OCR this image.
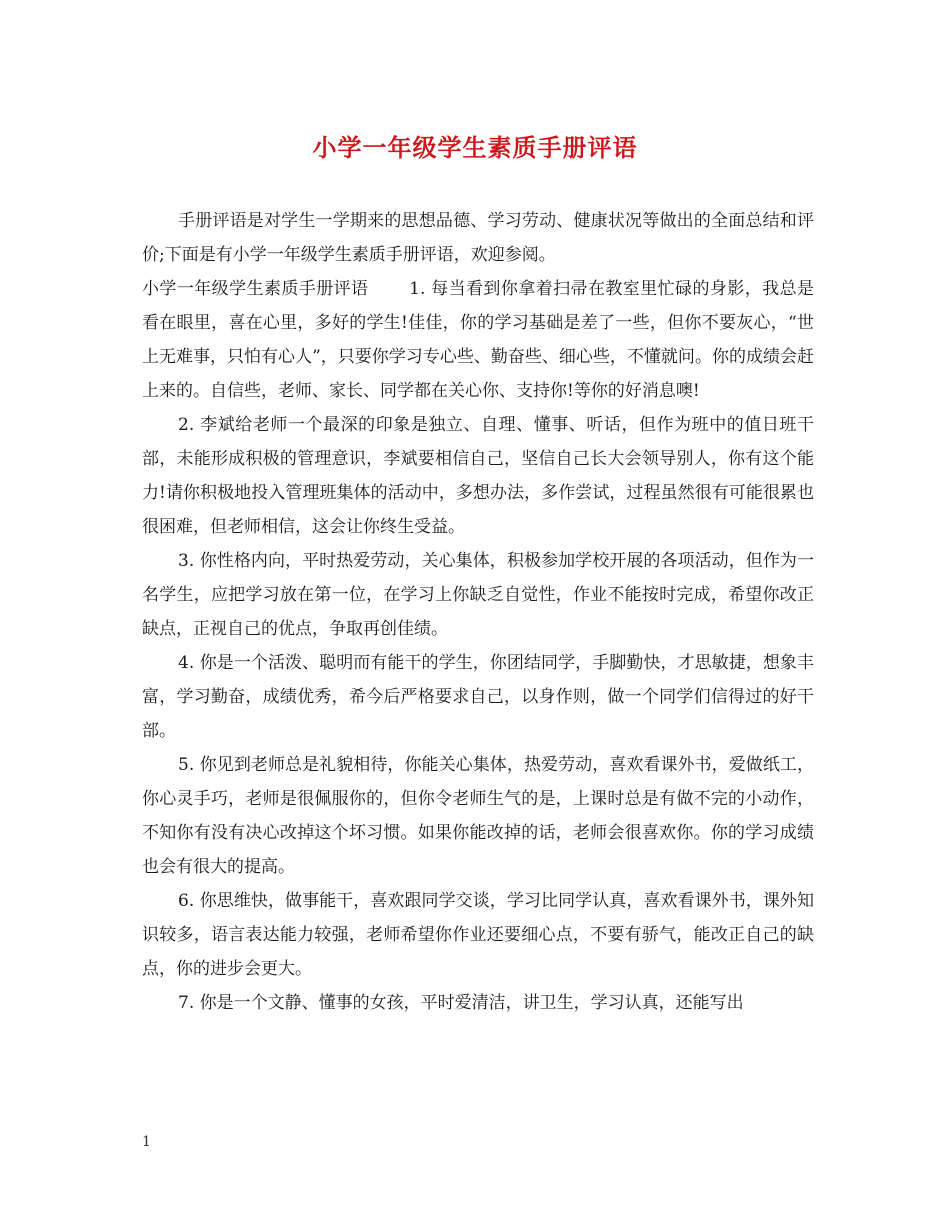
小学一年级学生素质手册评语

手册评语是对学生一学期来的思想品德、学习劳动、健康状况等做出的全面总结和评价;下面是有小学一年级学生素质手册评语，欢迎参阅。

小学一年级学生素质手册评语　　 1. 每当看到你拿着扫帚在教室里忙碌的身影，我总是看在眼里，喜在心里，多好的学生!佳佳，你的学习基础是差了一些，但你不要灰心，“世上无难事，只怕有心人”，只要你学习专心些、勤奋些、细心些，不懂就问。你的成绩会赶上来的。自信些，老师、家长、同学都在关心你、支持你!等你的好消息噢!

2. 李斌给老师一个最深的印象是独立、自理、懂事、听话，但作为班中的值日班干部，未能形成积极的管理意识，李斌要相信自己，坚信自己长大会领导别人，你有这个能力!请你积极地投入管理班集体的活动中，多想办法，多作尝试，过程虽然很有可能很累也很困难，但老师相信，这会让你终生受益。

3. 你性格内向，平时热爱劳动，关心集体，积极参加学校开展的各项活动，但作为一名学生，应把学习放在第一位，在学习上你缺乏自觉性，作业不能按时完成，希望你改正缺点，正视自己的优点，争取再创佳绩。

4. 你是一个活泼、聪明而有能干的学生，你团结同学，手脚勤快，才思敏捷，想象丰富，学习勤奋，成绩优秀，希今后严格要求自己，以身作则，做一个同学们信得过的好干部。

5. 你见到老师总是礼貌相待，你能关心集体，热爱劳动，喜欢看课外书，爱做纸工，你心灵手巧，老师是很佩服你的，但你令老师生气的是，上课时总是有做不完的小动作，不知你有没有决心改掉这个坏习惯。如果你能改掉的话，老师会很喜欢你。你的学习成绩也会有很大的提高。

6. 你思维快，做事能干，喜欢跟同学交谈，学习比同学认真，喜欢看课外书，课外知识较多，语言表达能力较强，老师希望你作业还要细心点，不要有骄气，能改正自己的缺点，你的进步会更大。

7. 你是一个文静、懂事的女孩，平时爱清洁，讲卫生，学习认真，还能写出

1
